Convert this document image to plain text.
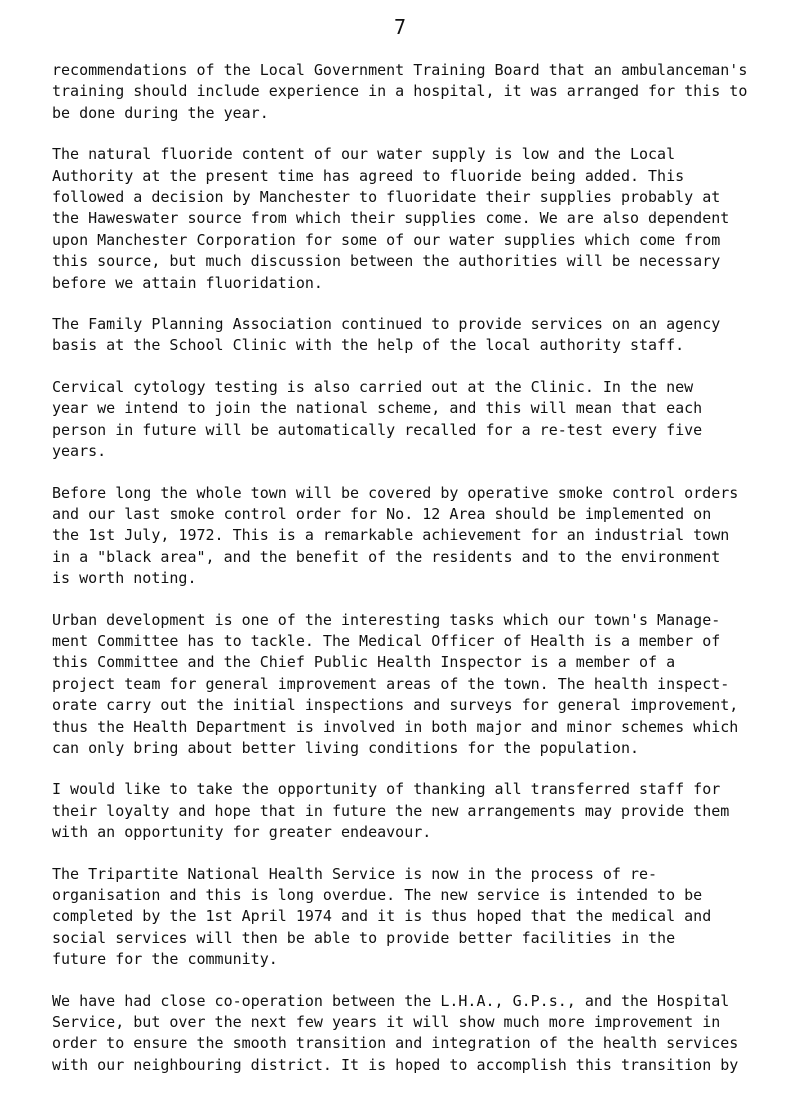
7
recommendations of the Local Government Training Board that an ambulanceman's
training should include experience in a hospital, it was arranged for this to
be done during the year.
The natural fluoride content of our water supply is low and the Local
Authority at the present time has agreed to fluoride being added. This
followed a decision by Manchester to fluoridate their supplies probably at
the Haweswater source from which their supplies come. We are also dependent
upon Manchester Corporation for some of our water supplies which come from
this source, but much discussion between the authorities will be necessary
before we attain fluoridation.
The Family Planning Association continued to provide services on an agency
basis at the School Clinic with the help of the local authority staff.
Cervical cytology testing is also carried out at the Clinic. In the new
year we intend to join the national scheme, and this will mean that each
person in future will be automatically recalled for a re-test every five
years.
Before long the whole town will be covered by operative smoke control orders
and our last smoke control order for No. 12 Area should be implemented on
the 1st July, 1972. This is a remarkable achievement for an industrial town
in a "black area", and the benefit of the residents and to the environment
is worth noting.
Urban development is one of the interesting tasks which our town's Manage-
ment Committee has to tackle. The Medical Officer of Health is a member of
this Committee and the Chief Public Health Inspector is a member of a
project team for general improvement areas of the town. The health inspect-
orate carry out the initial inspections and surveys for general improvement,
thus the Health Department is involved in both major and minor schemes which
can only bring about better living conditions for the population.
I would like to take the opportunity of thanking all transferred staff for
their loyalty and hope that in future the new arrangements may provide them
with an opportunity for greater endeavour.
The Tripartite National Health Service is now in the process of re-
organisation and this is long overdue. The new service is intended to be
completed by the 1st April 1974 and it is thus hoped that the medical and
social services will then be able to provide better facilities in the
future for the community.
We have had close co-operation between the L.H.A., G.P.s., and the Hospital
Service, but over the next few years it will show much more improvement in
order to ensure the smooth transition and integration of the health services
with our neighbouring district. It is hoped to accomplish this transition by
